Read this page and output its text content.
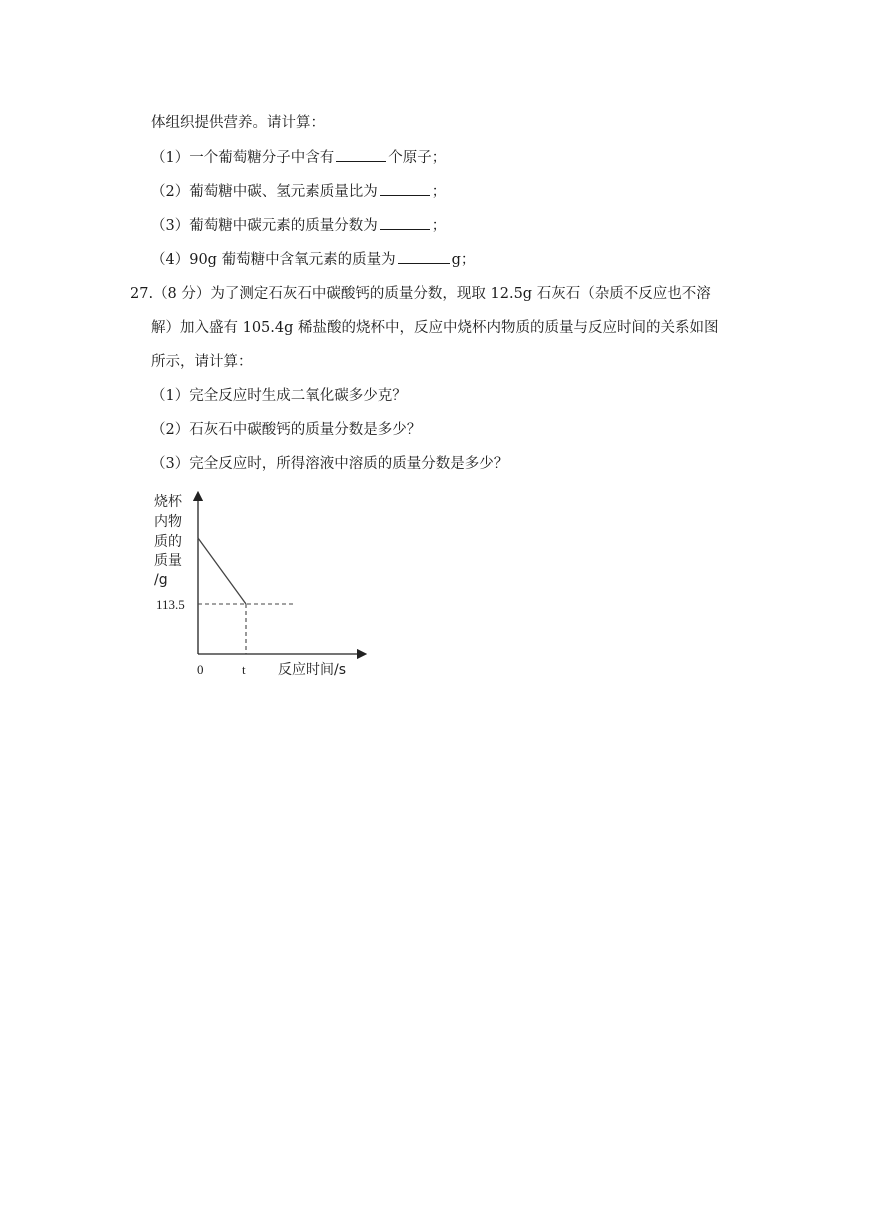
体组织提供营养。请计算：
（1）一个葡萄糖分子中含有	个原子；
（2）葡萄糖中碳、氢元素质量比为	；
（3）葡萄糖中碳元素的质量分数为	；
（4）90g 葡萄糖中含氧元素的质量为	g；
27.（8 分）为了测定石灰石中碳酸钙的质量分数，现取 12.5g 石灰石（杂质不反应也不溶
解）加入盛有 105.4g 稀盐酸的烧杯中，反应中烧杯内物质的质量与反应时间的关系如图
所示，请计算：
（1）完全反应时生成二氧化碳多少克？
（2）石灰石中碳酸钙的质量分数是多少？
（3）完全反应时，所得溶液中溶质的质量分数是多少？
烧杯
内物
质的
质量
/g
113.5
0	t 反应时间/s
